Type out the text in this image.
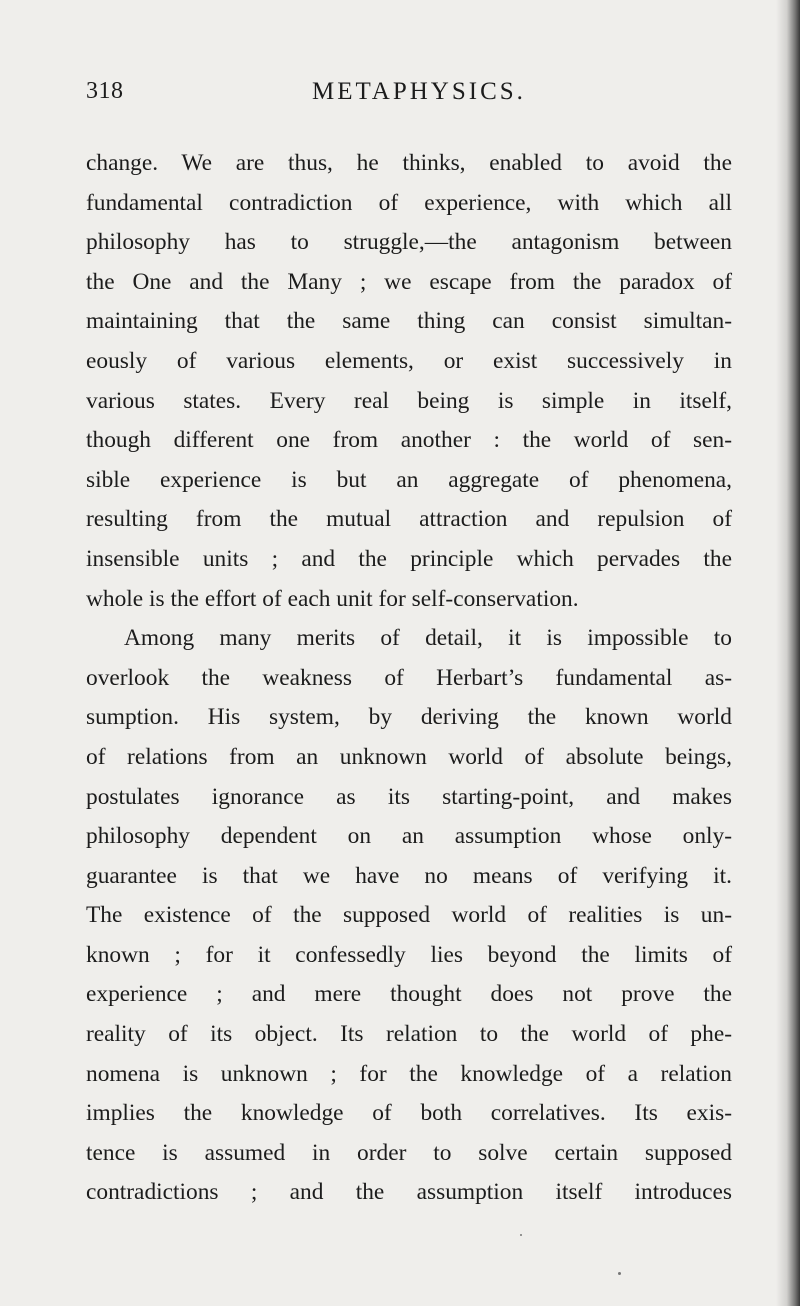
318	METAPHYSICS.
change. We are thus, he thinks, enabled to avoid the
fundamental contradiction of experience, with which all
philosophy has to struggle,—the antagonism between
the One and the Many ; we escape from the paradox of
maintaining that the same thing can consist simultan-
eously of various elements, or exist successively in
various states. Every real being is simple in itself,
though different one from another : the world of sen-
sible experience is but an aggregate of phenomena,
resulting from the mutual attraction and repulsion of
insensible units ; and the principle which pervades the
whole is the effort of each unit for self-conservation.
Among many merits of detail, it is impossible to
overlook the weakness of Herbart’s fundamental as-
sumption. His system, by deriving the known world
of relations from an unknown world of absolute beings,
postulates ignorance as its starting-point, and makes
philosophy dependent on an assumption whose only-
guarantee is that we have no means of verifying it.
The existence of the supposed world of realities is un-
known ; for it confessedly lies beyond the limits of
experience ; and mere thought does not prove the
reality of its object. Its relation to the world of phe-
nomena is unknown ; for the knowledge of a relation
implies the knowledge of both correlatives. Its exis-
tence is assumed in order to solve certain supposed
contradictions ; and the assumption itself introduces
